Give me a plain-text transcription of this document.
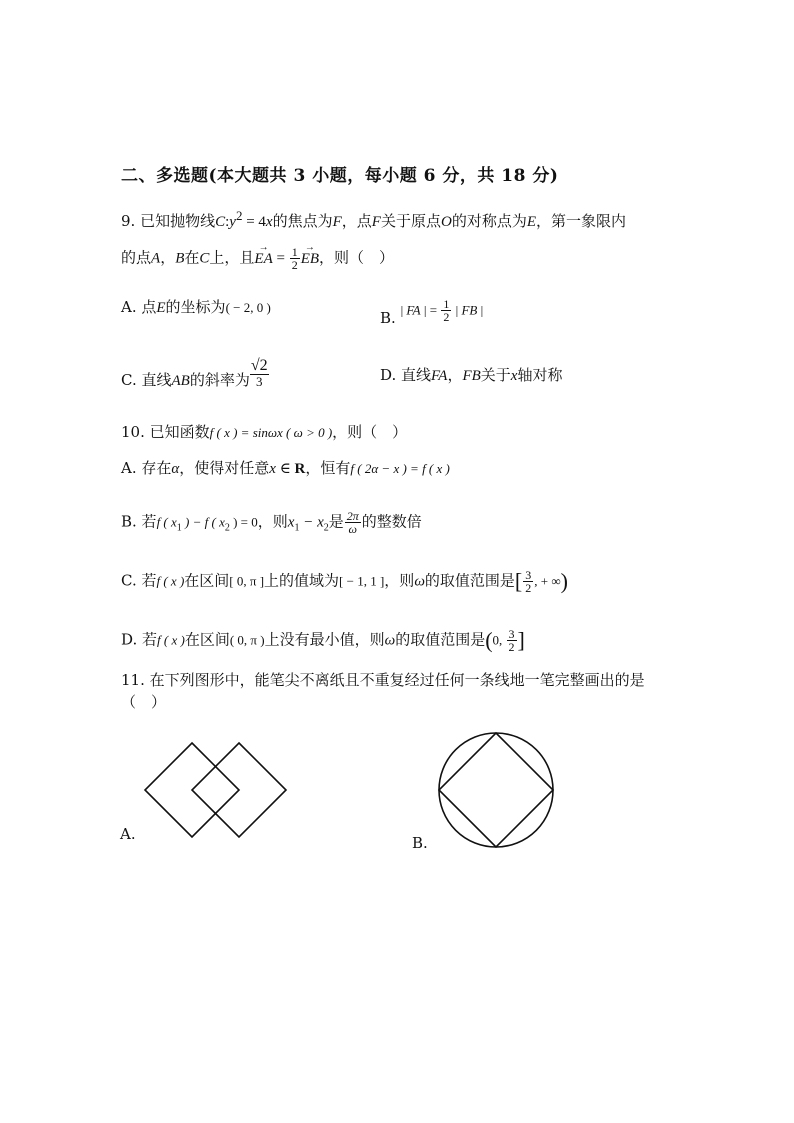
二、多选题(本大题共 3 小题，每小题 6 分，共 18 分)
9. 已知抛物线$C:y^2 = 4x$的焦点为F，点F关于原点O的对称点为E，第一象限内
的点A，B在C上，且→ EA = $\frac{1}{2}$
→ EB，则（　）
A. 点E的坐标为( − 2, 0 )
B. | FA | = $\frac{1}{2}$ | FB |
C. 直线AB的斜率为 $\frac{√2}{3}$	D. 直线FA，FB关于x轴对称
10. 已知函数f ( x ) = sinωx ( ω > 0 )，则（　）
A. 存在α，使得对任意x ∈ R，恒有f ( 2α − x ) = f ( x )
B. 若f ( $x_1$ ) − f ( $x_2$ ) = 0，则$x_1 - x_2$是 $\frac{2\pi}{\omega}$ 的整数倍
C. 若f ( x )在区间[ 0, π ]上的值域为[ − 1, 1 ]，则ω的取值范围是[ $\frac{3}{2}$ , + ∞)
D. 若f ( x )在区间( 0, π )上没有最小值，则ω的取值范围是(0, $\frac{3}{2}$ ]
11. 在下列图形中，能笔尖不离纸且不重复经过任何一条线地一笔完整画出的是
（　）
A.	B.
